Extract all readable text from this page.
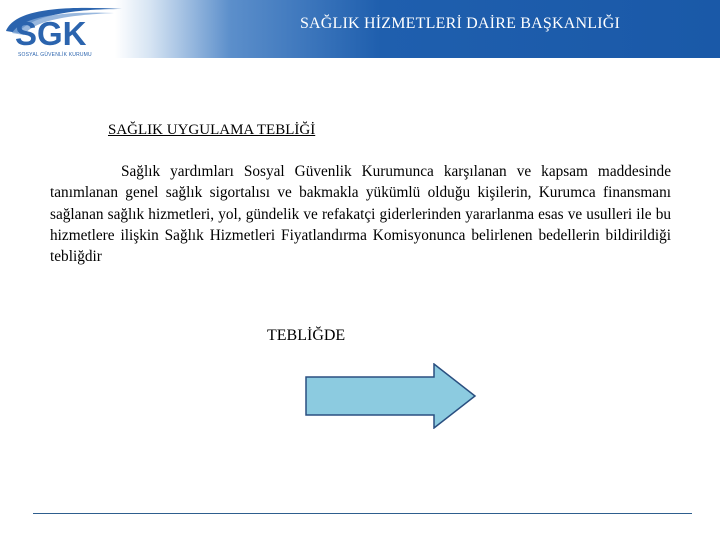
SGK
SOSYAL GÜVENLİK KURUMU
SAĞLIK HİZMETLERİ DAİRE BAŞKANLIĞI
SAĞLIK UYGULAMA TEBLİĞİ

Sağlık yardımları Sosyal Güvenlik Kurumunca karşılanan ve kapsam maddesinde tanımlanan genel sağlık sigortalısı ve bakmakla yükümlü olduğu kişilerin, Kurumca finansmanı sağlanan sağlık hizmetleri, yol, gündelik ve refakatçi giderlerinden yararlanma esas ve usulleri ile bu hizmetlere ilişkin Sağlık Hizmetleri Fiyatlandırma Komisyonunca belirlenen bedellerin bildirildiği tebliğdir

TEBLİĞDE
